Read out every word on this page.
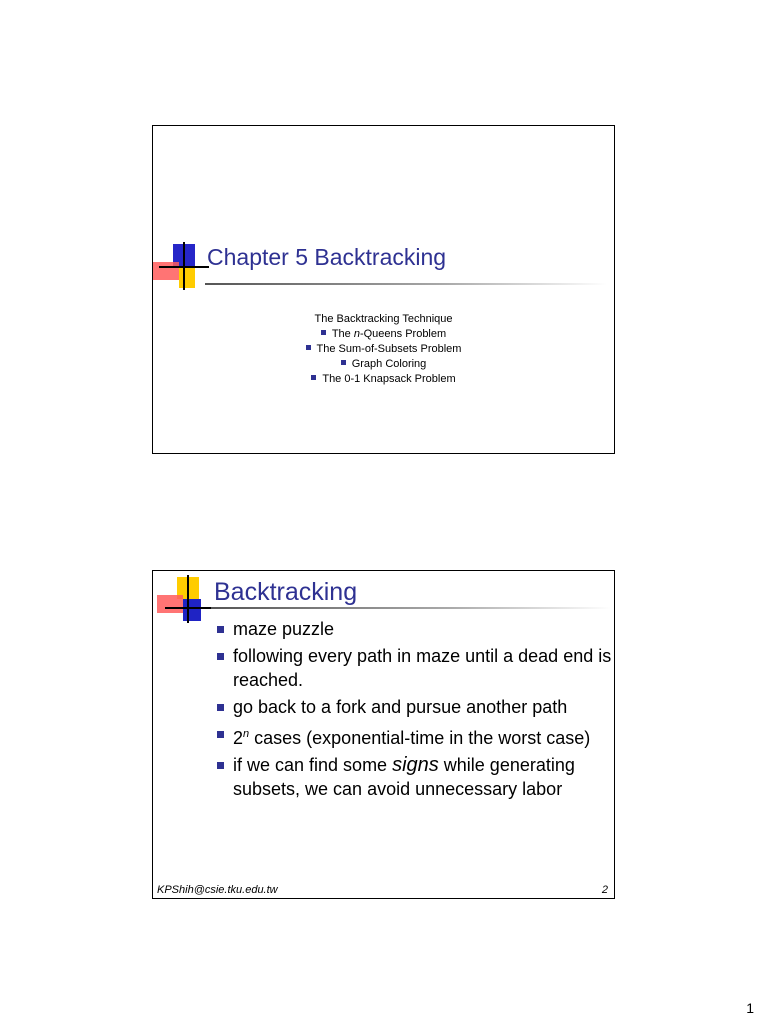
Chapter 5 Backtracking
The Backtracking Technique
The n-Queens Problem
The Sum-of-Subsets Problem
Graph Coloring
The 0-1 Knapsack Problem
Backtracking
maze puzzle
following every path in maze until a dead end is reached.
go back to a fork and pursue another path
2$^n$ cases (exponential-time in the worst case)
if we can find some signs while generating subsets, we can avoid unnecessary labor
KPShih@csie.tku.edu.tw	2
1
